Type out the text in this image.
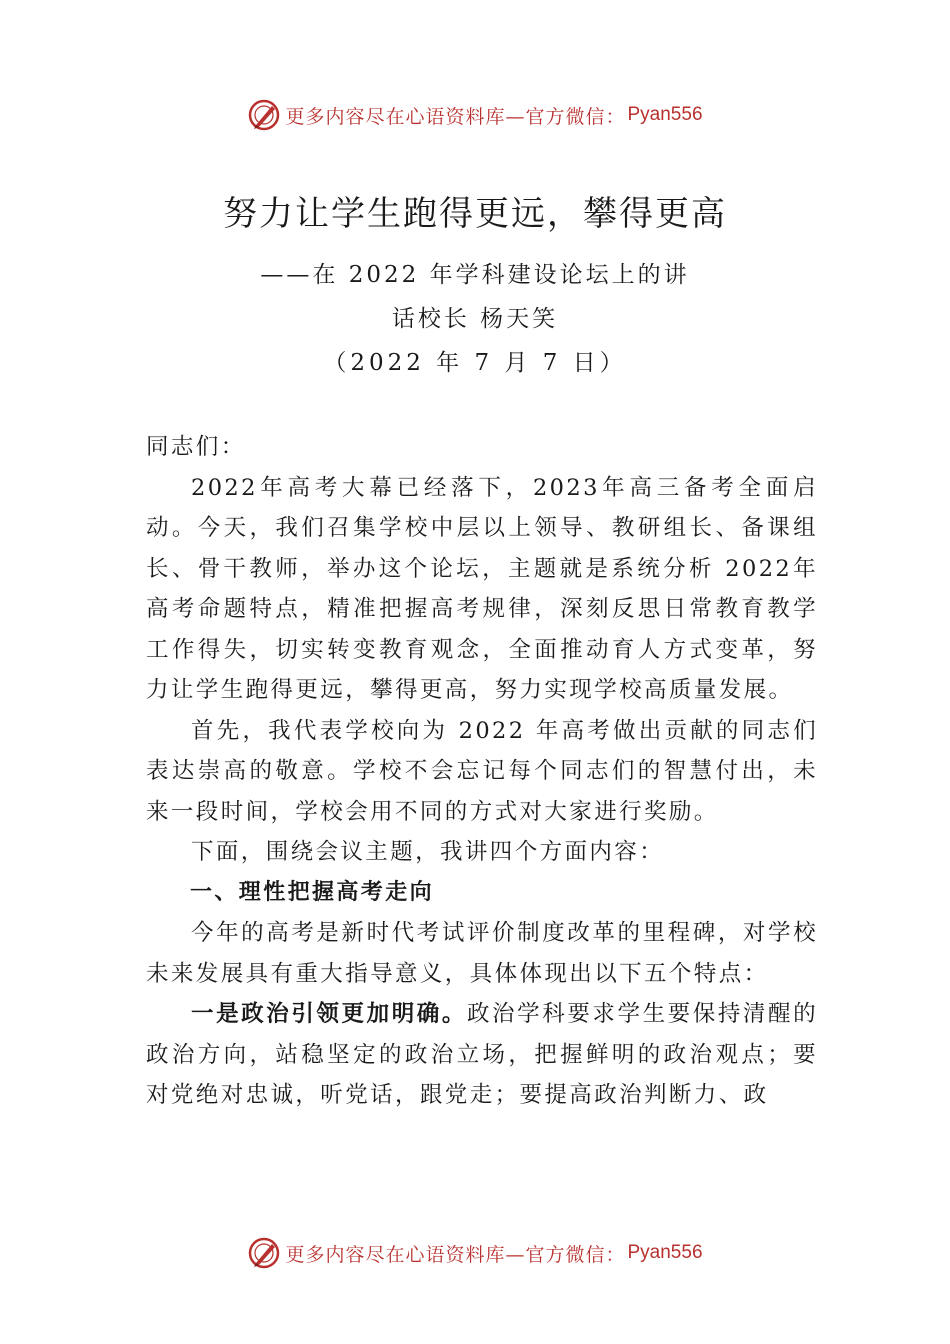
更多内容尽在心语资料库—官方微信： Pyan556
努力让学生跑得更远，攀得更高
——在 2022 年学科建设论坛上的讲
话校长 杨天笑
（2022 年 7 月 7 日）

同志们：

2022年高考大幕已经落下，2023年高三备考全面启动。今天，我们召集学校中层以上领导、教研组长、备课组长、骨干教师，举办这个论坛，主题就是系统分析 2022年高考命题特点，精准把握高考规律，深刻反思日常教育教学工作得失，切实转变教育观念，全面推动育人方式变革，努力让学生跑得更远，攀得更高，努力实现学校高质量发展。

首先，我代表学校向为 2022 年高考做出贡献的同志们表达崇高的敬意。学校不会忘记每个同志们的智慧付出，未来一段时间，学校会用不同的方式对大家进行奖励。

下面，围绕会议主题，我讲四个方面内容：

一、理性把握高考走向

今年的高考是新时代考试评价制度改革的里程碑，对学校未来发展具有重大指导意义，具体体现出以下五个特点：

一是政治引领更加明确。政治学科要求学生要保持清醒的政治方向，站稳坚定的政治立场，把握鲜明的政治观点；要对党绝对忠诚，听党话，跟党走；要提高政治判断力、政

更多内容尽在心语资料库—官方微信： Pyan556
